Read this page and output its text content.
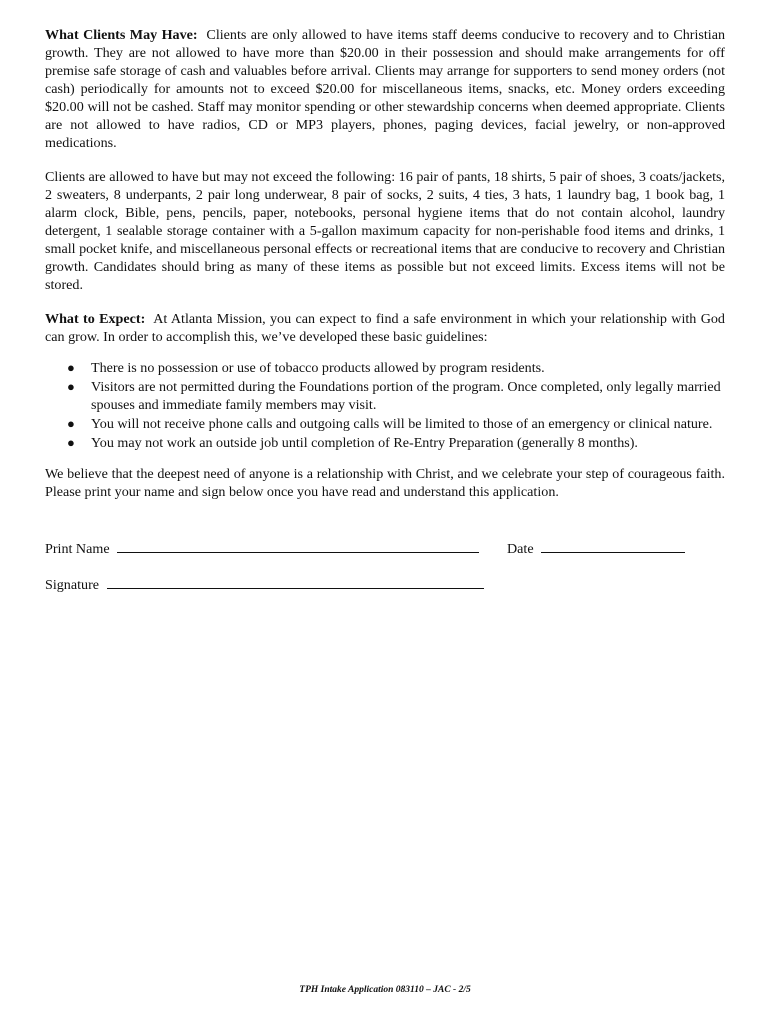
What Clients May Have: Clients are only allowed to have items staff deems conducive to recovery and to Christian growth. They are not allowed to have more than $20.00 in their possession and should make arrangements for off premise safe storage of cash and valuables before arrival. Clients may arrange for supporters to send money orders (not cash) periodically for amounts not to exceed $20.00 for miscellaneous items, snacks, etc. Money orders exceeding $20.00 will not be cashed. Staff may monitor spending or other stewardship concerns when deemed appropriate. Clients are not allowed to have radios, CD or MP3 players, phones, paging devices, facial jewelry, or non-approved medications.

Clients are allowed to have but may not exceed the following: 16 pair of pants, 18 shirts, 5 pair of shoes, 3 coats/jackets, 2 sweaters, 8 underpants, 2 pair long underwear, 8 pair of socks, 2 suits, 4 ties, 3 hats, 1 laundry bag, 1 book bag, 1 alarm clock, Bible, pens, pencils, paper, notebooks, personal hygiene items that do not contain alcohol, laundry detergent, 1 sealable storage container with a 5-gallon maximum capacity for non-perishable food items and drinks, 1 small pocket knife, and miscellaneous personal effects or recreational items that are conducive to recovery and Christian growth. Candidates should bring as many of these items as possible but not exceed limits. Excess items will not be stored.

What to Expect: At Atlanta Mission, you can expect to find a safe environment in which your relationship with God can grow. In order to accomplish this, we’ve developed these basic guidelines:

● There is no possession or use of tobacco products allowed by program residents.
● Visitors are not permitted during the Foundations portion of the program. Once completed, only legally married spouses and immediate family members may visit.
● You will not receive phone calls and outgoing calls will be limited to those of an emergency or clinical nature.
● You may not work an outside job until completion of Re-Entry Preparation (generally 8 months).

We believe that the deepest need of anyone is a relationship with Christ, and we celebrate your step of courageous faith. Please print your name and sign below once you have read and understand this application.

Print Name	Date
Signature
TPH Intake Application 083110 – JAC - 2/5
